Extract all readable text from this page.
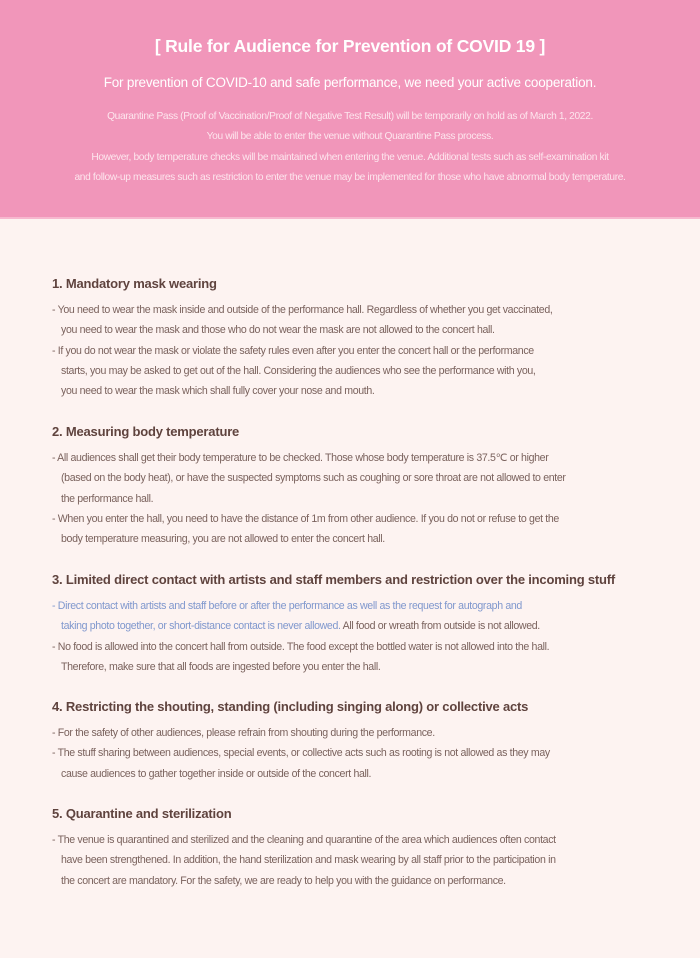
[ Rule for Audience for Prevention of COVID 19 ]
For prevention of COVID-10 and safe performance, we need your active cooperation.
Quarantine Pass (Proof of Vaccination/Proof of Negative Test Result) will be temporarily on hold as of March 1, 2022.
You will be able to enter the venue without Quarantine Pass process.
However, body temperature checks will be maintained when entering the venue. Additional tests such as self-examination kit
and follow-up measures such as restriction to enter the venue may be implemented for those who have abnormal body temperature.
1. Mandatory mask wearing
- You need to wear the mask inside and outside of the performance hall. Regardless of whether you get vaccinated,
you need to wear the mask and those who do not wear the mask are not allowed to the concert hall.
- If you do not wear the mask or violate the safety rules even after you enter the concert hall or the performance
starts, you may be asked to get out of the hall. Considering the audiences who see the performance with you,
you need to wear the mask which shall fully cover your nose and mouth.
2. Measuring body temperature
- All audiences shall get their body temperature to be checked. Those whose body temperature is 37.5℃ or higher
(based on the body heat), or have the suspected symptoms such as coughing or sore throat are not allowed to enter
the performance hall.
- When you enter the hall, you need to have the distance of 1m from other audience. If you do not or refuse to get the
body temperature measuring, you are not allowed to enter the concert hall.
3. Limited direct contact with artists and staff members and restriction over the incoming stuff
- Direct contact with artists and staff before or after the performance as well as the request for autograph and
taking photo together, or short-distance contact is never allowed. All food or wreath from outside is not allowed.
- No food is allowed into the concert hall from outside. The food except the bottled water is not allowed into the hall.
Therefore, make sure that all foods are ingested before you enter the hall.
4. Restricting the shouting, standing (including singing along) or collective acts
- For the safety of other audiences, please refrain from shouting during the performance.
- The stuff sharing between audiences, special events, or collective acts such as rooting is not allowed as they may
cause audiences to gather together inside or outside of the concert hall.
5. Quarantine and sterilization
- The venue is quarantined and sterilized and the cleaning and quarantine of the area which audiences often contact
have been strengthened. In addition, the hand sterilization and mask wearing by all staff prior to the participation in
the concert are mandatory. For the safety, we are ready to help you with the guidance on performance.
